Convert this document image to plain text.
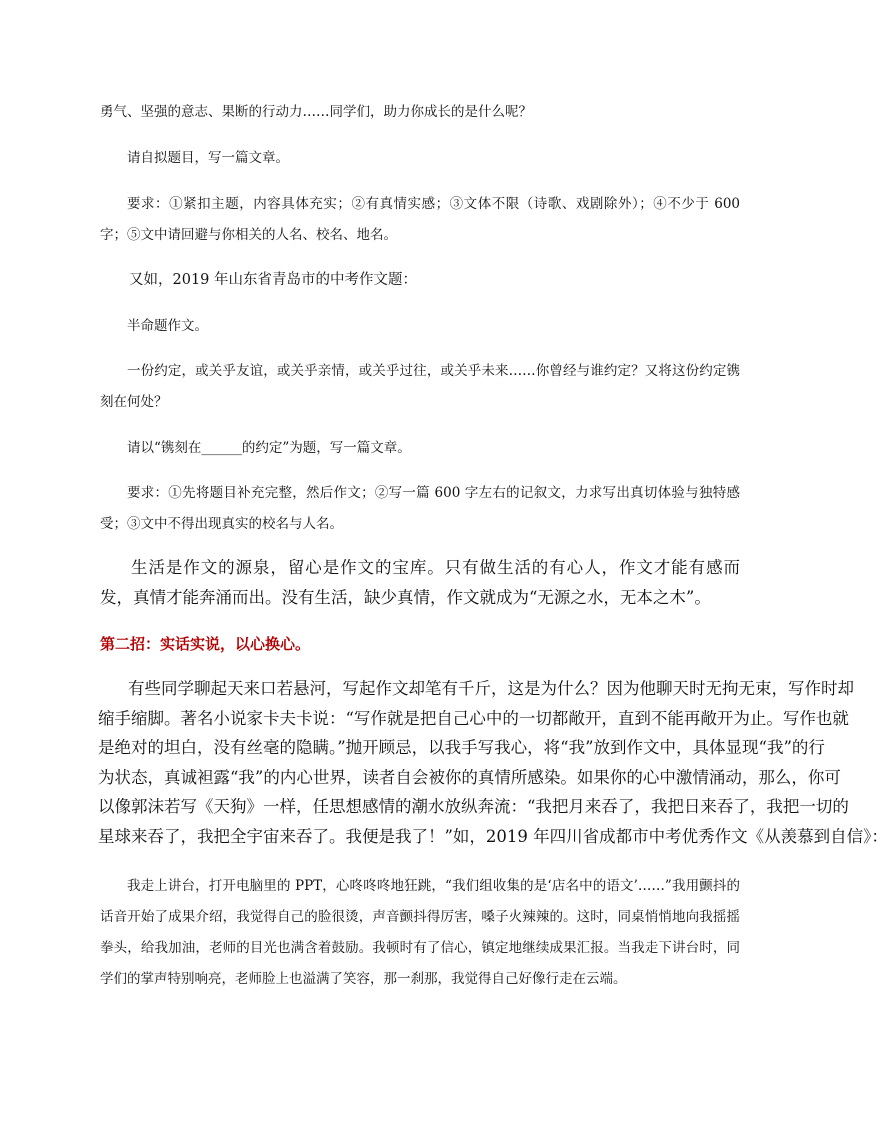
勇气、坚强的意志、果断的行动力……同学们，助力你成长的是什么呢？

请自拟题目，写一篇文章。

要求：①紧扣主题，内容具体充实；②有真情实感；③文体不限（诗歌、戏剧除外）；④不少于 600 字；⑤文中请回避与你相关的人名、校名、地名。

又如，2019 年山东省青岛市的中考作文题：

半命题作文。

一份约定，或关乎友谊，或关乎亲情，或关乎过往，或关乎未来……你曾经与谁约定？又将这份约定镌刻在何处？

请以“镌刻在______的约定”为题，写一篇文章。

要求：①先将题目补充完整，然后作文；②写一篇 600 字左右的记叙文，力求写出真切体验与独特感受；③文中不得出现真实的校名与人名。

生活是作文的源泉，留心是作文的宝库。只有做生活的有心人，作文才能有感而发，真情才能奔涌而出。没有生活，缺少真情，作文就成为“无源之水，无本之木”。

第二招：实话实说，以心换心。

有些同学聊起天来口若悬河，写起作文却笔有千斤，这是为什么？因为他聊天时无拘无束，写作时却
缩手缩脚。著名小说家卡夫卡说：“写作就是把自己心中的一切都敞开，直到不能再敞开为止。写作也就
是绝对的坦白，没有丝毫的隐瞒。”抛开顾忌，以我手写我心，将“我”放到作文中，具体显现“我”的行
为状态，真诚袒露“我”的内心世界，读者自会被你的真情所感染。如果你的心中激情涌动，那么，你可
以像郭沫若写《天狗》一样，任思想感情的潮水放纵奔流：“我把月来吞了，我把日来吞了，我把一切的
星球来吞了，我把全宇宙来吞了。我便是我了！”如，2019 年四川省成都市中考优秀作文《从羡慕到自信》：

我走上讲台，打开电脑里的 PPT，心咚咚咚地狂跳，“我们组收集的是‘店名中的语文’……”我用颤抖的话音开始了成果介绍，我觉得自己的脸很烫，声音颤抖得厉害，嗓子火辣辣的。这时，同桌悄悄地向我摇摇拳头，给我加油，老师的目光也满含着鼓励。我顿时有了信心，镇定地继续成果汇报。当我走下讲台时，同学们的掌声特别响亮，老师脸上也溢满了笑容，那一刹那，我觉得自己好像行走在云端。
